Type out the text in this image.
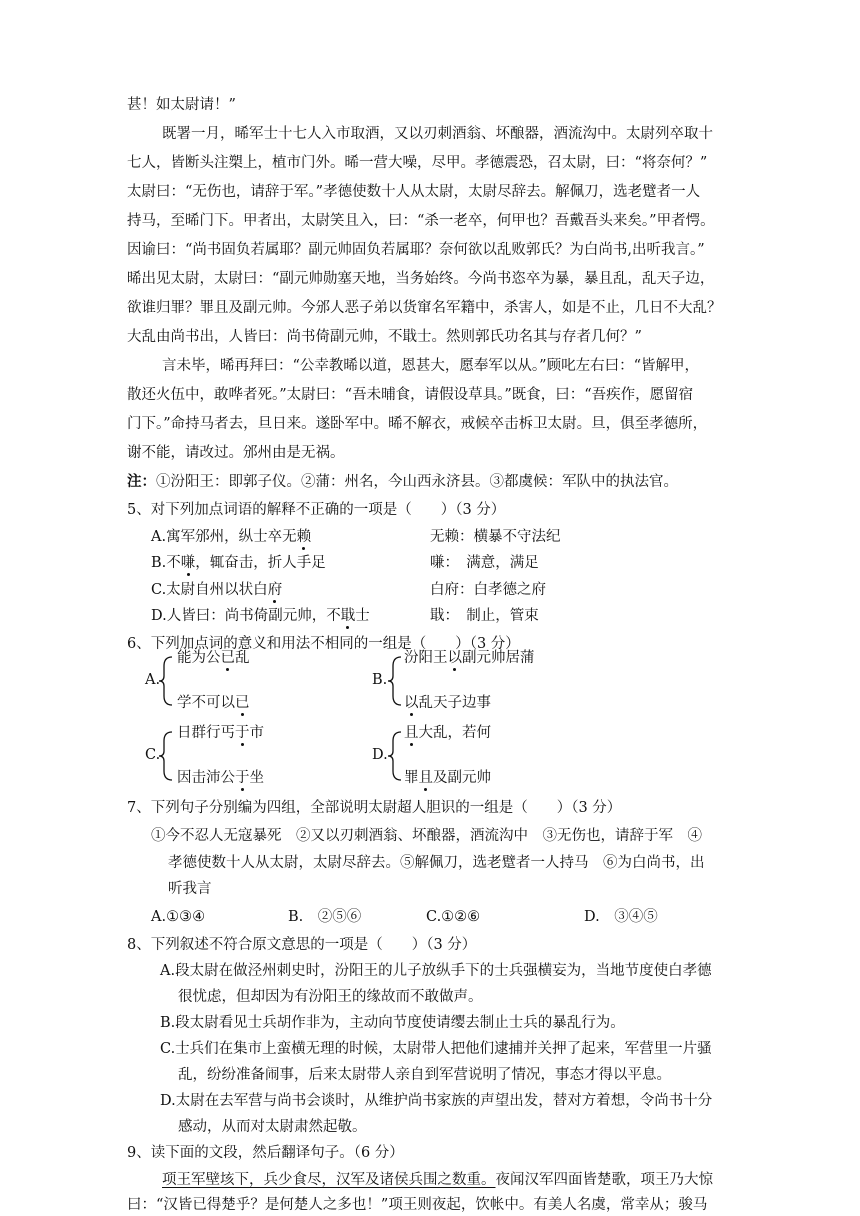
甚！如太尉请！”
既署一月，晞军士十七人入市取酒，又以刃刺酒翁、坏酿器，酒流沟中。太尉列卒取十
七人，皆断头注槊上，植市门外。晞一营大噪，尽甲。孝德震恐，召太尉，曰：“将奈何？”
太尉曰：“无伤也，请辞于军。”孝德使数十人从太尉，太尉尽辞去。解佩刀，选老躄者一人
持马，至晞门下。甲者出，太尉笑且入，曰：“杀一老卒，何甲也？吾戴吾头来矣。”甲者愕。
因谕曰：“尚书固负若属耶？副元帅固负若属耶？奈何欲以乱败郭氏？为白尚书,出听我言。”
晞出见太尉，太尉曰：“副元帅勋塞天地，当务始终。今尚书恣卒为暴，暴且乱，乱天子边，
欲谁归罪？罪且及副元帅。今邠人恶子弟以货窜名军籍中，杀害人，如是不止，几日不大乱？
大乱由尚书出，人皆曰：尚书倚副元帅，不戢士。然则郭氏功名其与存者几何？”
言未毕，晞再拜曰：“公幸教晞以道，恩甚大，愿奉军以从。”顾叱左右曰：“皆解甲，
散还火伍中，敢哗者死。”太尉曰：“吾未晡食，请假设草具。”既食，曰：“吾疾作，愿留宿
门下。”命持马者去，旦日来。遂卧军中。晞不解衣，戒候卒击柝卫太尉。旦，俱至孝德所，
谢不能，请改过。邠州由是无祸。
注：①汾阳王：即郭子仪。②蒲：州名，今山西永济县。③都虞候：军队中的执法官。
5、对下列加点词语的解释不正确的一项是（　　）（3 分）
A.寓军邠州，纵士卒无赖	无赖：横暴不守法纪
B.不嗛，辄奋击，折人手足	嗛：　满意，满足
C.太尉自州以状白府	白府：白孝德之府
D.人皆曰：尚书倚副元帅，不戢士	戢：　制止，管束
6、下列加点词的意义和用法不相同的一组是（　　）（3 分）
A.
能为公已乱
学不可以已
B.
汾阳王以副元帅居蒲
以乱天子边事
C.
日群行丐于市
因击沛公于坐
D.
且大乱，若何
罪且及副元帅
7、下列句子分别编为四组，全部说明太尉超人胆识的一组是（　　）（3 分）
①今不忍人无寇暴死　②又以刃刺酒翁、坏酿器，酒流沟中　③无伤也，请辞于军　④
孝德使数十人从太尉，太尉尽辞去。⑤解佩刀，选老躄者一人持马　⑥为白尚书，出
听我言
A.①③④	B.　②⑤⑥	C.①②⑥	D.　③④⑤
8、下列叙述不符合原文意思的一项是（　　）（3 分）
A.段太尉在做泾州刺史时，汾阳王的儿子放纵手下的士兵强横妄为，当地节度使白孝德
很忧虑，但却因为有汾阳王的缘故而不敢做声。
B.段太尉看见士兵胡作非为，主动向节度使请缨去制止士兵的暴乱行为。
C.士兵们在集市上蛮横无理的时候，太尉带人把他们逮捕并关押了起来，军营里一片骚
乱，纷纷准备闹事，后来太尉带人亲自到军营说明了情况，事态才得以平息。
D.太尉在去军营与尚书会谈时，从维护尚书家族的声望出发，替对方着想，令尚书十分
感动，从而对太尉肃然起敬。
9、读下面的文段，然后翻译句子。（6 分）
项王军壁垓下，兵少食尽，汉军及诸侯兵围之数重。夜闻汉军四面皆楚歌，项王乃大惊
曰：“汉皆已得楚乎？是何楚人之多也！”项王则夜起，饮帐中。有美人名虞，常幸从；骏马
